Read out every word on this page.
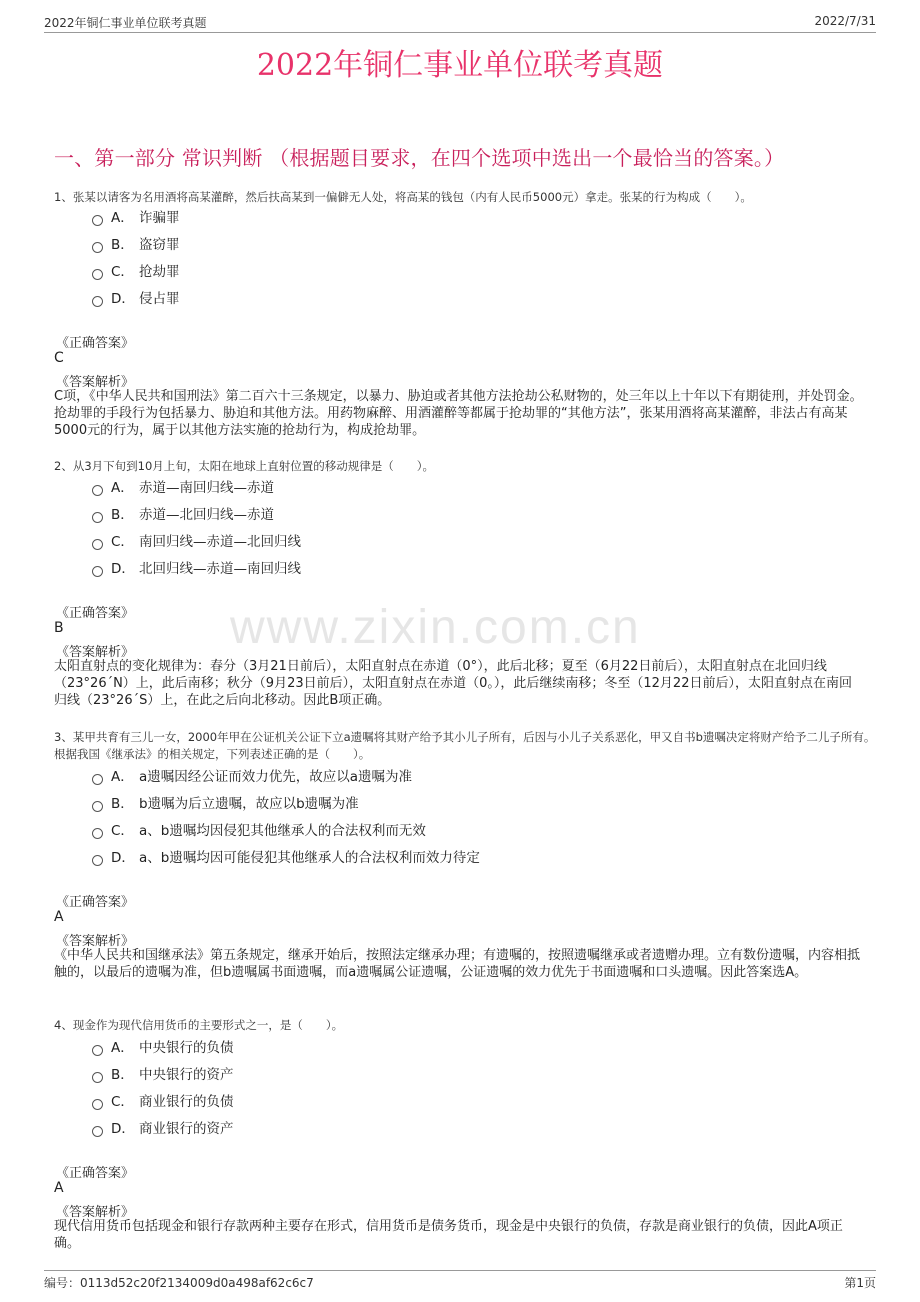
2022年铜仁事业单位联考真题	2022/7/31
2022年铜仁事业单位联考真题
www.zixin.com.cn
一、第一部分 常识判断 （根据题目要求，在四个选项中选出一个最恰当的答案。）
1、张某以请客为名用酒将高某灌醉，然后扶高某到一偏僻无人处，将高某的钱包（内有人民币5000元）拿走。张某的行为构成（　　）。
A． 诈骗罪
B． 盗窃罪
C． 抢劫罪
D． 侵占罪
《正确答案》
C
《答案解析》
C项，《中华人民共和国刑法》第二百六十三条规定，以暴力、胁迫或者其他方法抢劫公私财物的，处三年以上十年以下有期徒刑，并处罚金。抢劫罪的手段行为包括暴力、胁迫和其他方法。用药物麻醉、用酒灌醉等都属于抢劫罪的“其他方法”，张某用酒将高某灌醉，非法占有高某5000元的行为，属于以其他方法实施的抢劫行为，构成抢劫罪。
2、从3月下旬到10月上旬，太阳在地球上直射位置的移动规律是（　　）。
A． 赤道—南回归线—赤道
B． 赤道—北回归线—赤道
C． 南回归线—赤道—北回归线
D． 北回归线—赤道—南回归线
《正确答案》
B
《答案解析》
太阳直射点的变化规律为：春分（3月21日前后），太阳直射点在赤道（0°），此后北移；夏至（6月22日前后），太阳直射点在北回归线（23°26´N）上，此后南移；秋分（9月23日前后），太阳直射点在赤道（0。），此后继续南移；冬至（12月22日前后），太阳直射点在南回归线（23°26´S）上，在此之后向北移动。因此B项正确。
3、某甲共育有三儿一女，2000年甲在公证机关公证下立a遗嘱将其财产给予其小儿子所有，后因与小儿子关系恶化，甲又自书b遗嘱决定将财产给予二儿子所有。根据我国《继承法》的相关规定，下列表述正确的是（　　）。
A． a遗嘱因经公证而效力优先，故应以a遗嘱为准
B． b遗嘱为后立遗嘱，故应以b遗嘱为准
C． a、b遗嘱均因侵犯其他继承人的合法权利而无效
D． a、b遗嘱均因可能侵犯其他继承人的合法权利而效力待定
《正确答案》
A
《答案解析》
《中华人民共和国继承法》第五条规定，继承开始后，按照法定继承办理；有遗嘱的，按照遗嘱继承或者遗赠办理。立有数份遗嘱，内容相抵触的，以最后的遗嘱为准，但b遗嘱属书面遗嘱，而a遗嘱属公证遗嘱，公证遗嘱的效力优先于书面遗嘱和口头遗嘱。因此答案选A。
4、现金作为现代信用货币的主要形式之一，是（　　）。
A． 中央银行的负债
B． 中央银行的资产
C． 商业银行的负债
D． 商业银行的资产
《正确答案》
A
《答案解析》
现代信用货币包括现金和银行存款两种主要存在形式，信用货币是债务货币，现金是中央银行的负债，存款是商业银行的负债，因此A项正确。
编号：0113d52c20f2134009d0a498af62c6c7	第1页
